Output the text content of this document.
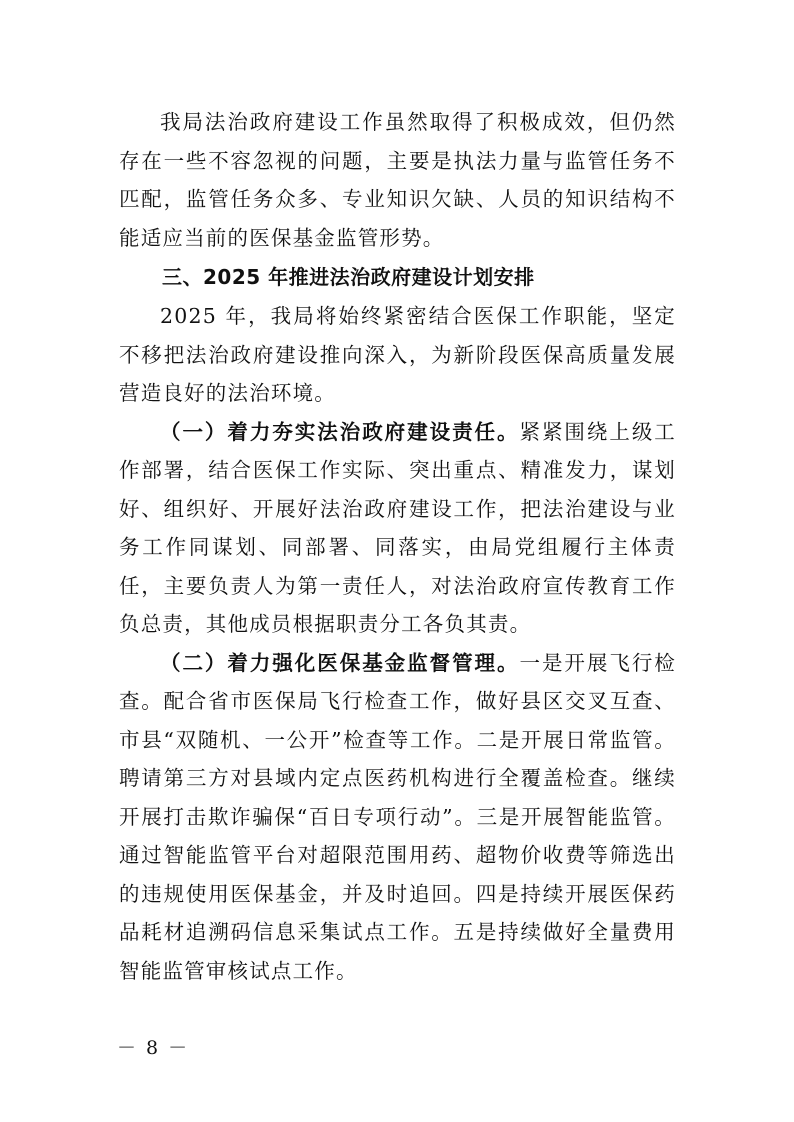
我局法治政府建设工作虽然取得了积极成效，但仍然存在一些不容忽视的问题，主要是执法力量与监管任务不匹配，监管任务众多、专业知识欠缺、人员的知识结构不能适应当前的医保基金监管形势。

三、2025 年推进法治政府建设计划安排

2025 年，我局将始终紧密结合医保工作职能，坚定不移把法治政府建设推向深入，为新阶段医保高质量发展营造良好的法治环境。

（一）着力夯实法治政府建设责任。紧紧围绕上级工作部署，结合医保工作实际、突出重点、精准发力，谋划好、组织好、开展好法治政府建设工作，把法治建设与业务工作同谋划、同部署、同落实，由局党组履行主体责任，主要负责人为第一责任人，对法治政府宣传教育工作负总责，其他成员根据职责分工各负其责。

（二）着力强化医保基金监督管理。一是开展飞行检查。配合省市医保局飞行检查工作，做好县区交叉互查、市县“双随机、一公开”检查等工作。二是开展日常监管。聘请第三方对县域内定点医药机构进行全覆盖检查。继续开展打击欺诈骗保“百日专项行动”。三是开展智能监管。通过智能监管平台对超限范围用药、超物价收费等筛选出的违规使用医保基金，并及时追回。四是持续开展医保药品耗材追溯码信息采集试点工作。五是持续做好全量费用智能监管审核试点工作。

－ 8 －
